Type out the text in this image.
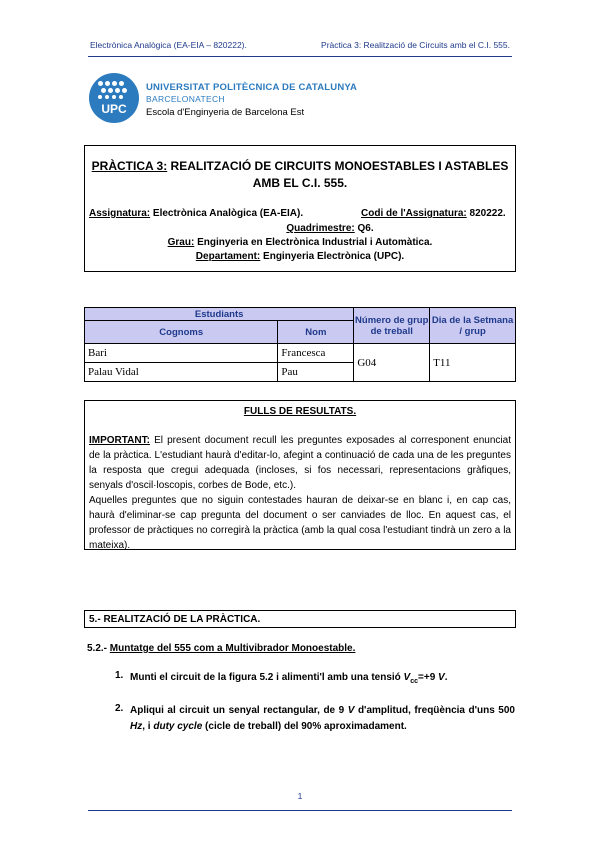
Electrònica Analògica (EA-EIA – 820222).	Pràctica 3: Realització de Circuits amb el C.I. 555.
UPC
UNIVERSITAT POLITÈCNICA DE CATALUNYA
BARCELONATECH
Escola d'Enginyeria de Barcelona Est
PRÀCTICA 3: REALITZACIÓ DE CIRCUITS MONOESTABLES I ASTABLES AMB EL C.I. 555.
Assignatura: Electrònica Analògica (EA-EIA).	Codi de l'Assignatura: 820222.
Quadrimestre: Q6.
Grau: Enginyeria en Electrònica Industrial i Automàtica.
Departament: Enginyeria Electrònica (UPC).
Estudiants		Número de grup de treball	Dia de la Setmana / grup
Cognoms	Nom		
Bari	Francesca	G04	T11
Palau Vidal	Pau		
FULLS DE RESULTATS.

IMPORTANT: El present document recull les preguntes exposades al corresponent enunciat de la pràctica. L'estudiant haurà d'editar-lo, afegint a continuació de cada una de les preguntes la resposta que cregui adequada (incloses, si fos necessari, representacions gràfiques, senyals d'oscil·loscopis, corbes de Bode, etc.).

Aquelles preguntes que no siguin contestades hauran de deixar-se en blanc i, en cap cas, haurà d'eliminar-se cap pregunta del document o ser canviades de lloc. En aquest cas, el professor de pràctiques no corregirà la pràctica (amb la qual cosa l'estudiant tindrà un zero a la mateixa).

5.- REALITZACIÓ DE LA PRÀCTICA.
5.2.- Muntatge del 555 com a Multivibrador Monoestable.
1. Munti el circuit de la figura 5.2 i alimenti'l amb una tensió $V_{cc}=+9$ V.
2. Apliqui al circuit un senyal rectangular, de 9 V d'amplitud, freqüència d'uns 500 Hz, i duty cycle (cicle de treball) del 90% aproximadament.
1
